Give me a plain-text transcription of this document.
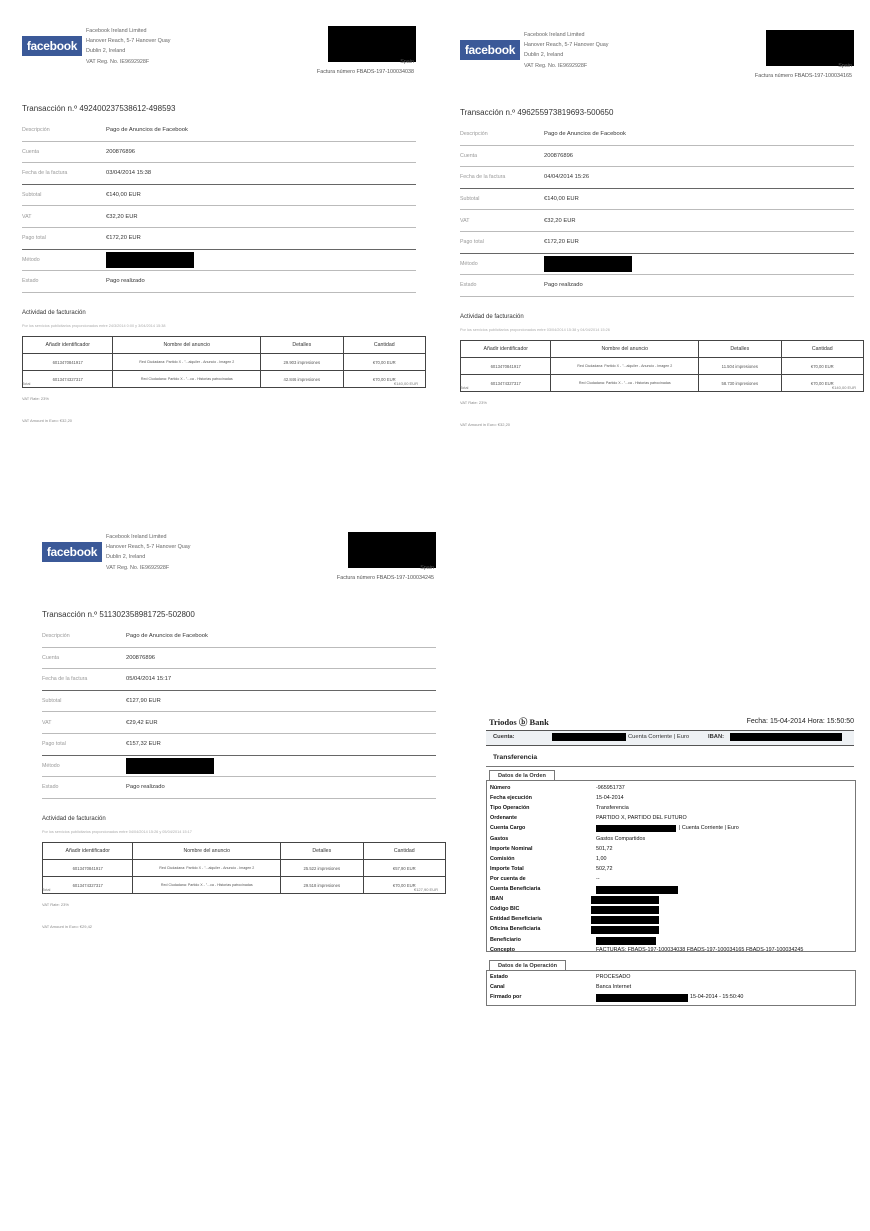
facebook
Facebook Ireland Limited
Hanover Reach, 5-7 Hanover Quay
Dublin 2, Ireland
VAT Reg. No. IE9692928F	Spain
Factura número FBADS-197-100034038
Transacción n.º 492400237538612-498593
Descripción	Pago de Anuncios de Facebook
Cuenta	200876896
Fecha de la factura	03/04/2014 15:38
Subtotal	€140,00 EUR
VAT	€32,20 EUR
Pago total	€172,20 EUR
Método
Estado	Pago realizado
Actividad de facturación
Por los servicios publicitarios proporcionados entre 24/3/2014 0:00 y 3/04/2014 15:38
Añadir identificador	Nombre del anuncio	Detalles	Cantidad
6013470841917	Red Ciudadana: Partido X - "...alquiler - Anuncio - Imagen 2	29.903 impresiones	€70,00 EUR
6013474327317	Red Ciudadana: Partido X - "...ca - Historias patrocinadas	42.846 impresiones	€70,00 EUR
Total	€140,00 EUR
VAT Rate: 23%
VAT Amount in Euro: €32,20
facebook
Facebook Ireland Limited
Hanover Reach, 5-7 Hanover Quay
Dublin 2, Ireland
VAT Reg. No. IE9692928F	Spain
Factura número FBADS-197-100034165
Transacción n.º 496255973819693-500650
Descripción	Pago de Anuncios de Facebook
Cuenta	200876896
Fecha de la factura	04/04/2014 15:26
Subtotal	€140,00 EUR
VAT	€32,20 EUR
Pago total	€172,20 EUR
Método
Estado	Pago realizado
Actividad de facturación
Por los servicios publicitarios proporcionados entre 03/04/2014 15:38 y 04/04/2014 15:26
Añadir identificador	Nombre del anuncio	Detalles	Cantidad
6013470841917	Red Ciudadana: Partido X - "...alquiler - Anuncio - Imagen 2	11.504 impresiones	€70,00 EUR
6013474327317	Red Ciudadana: Partido X - "...ca - Historias patrocinadas	58.730 impresiones	€70,00 EUR
Total	€140,00 EUR
VAT Rate: 23%
VAT Amount in Euro: €32,20
facebook
Facebook Ireland Limited
Hanover Reach, 5-7 Hanover Quay
Dublin 2, Ireland
VAT Reg. No. IE9692928F	Spain
Factura número FBADS-197-100034245
Transacción n.º 511302358981725-502800
Descripción	Pago de Anuncios de Facebook
Cuenta	200876896
Fecha de la factura	05/04/2014 15:17
Subtotal	€127,90 EUR
VAT	€29,42 EUR
Pago total	€157,32 EUR
Método
Estado	Pago realizado
Actividad de facturación
Por los servicios publicitarios proporcionados entre 04/04/2014 15:26 y 05/04/2014 15:17
Añadir identificador	Nombre del anuncio	Detalles	Cantidad
6013470841917	Red Ciudadana: Partido X - "...alquiler - Anuncio - Imagen 2	25.522 impresiones	€57,90 EUR
6013474327317	Red Ciudadana: Partido X - "...ca - Historias patrocinadas	29.518 impresiones	€70,00 EUR
Total	€127,90 EUR
VAT Rate: 23%
VAT Amount in Euro: €29,42
Triodos ⓑ Bank	Fecha: 15-04-2014 Hora: 15:50:50
Cuenta:	Cuenta Corriente | Euro	IBAN:
Transferencia
Datos de la Orden
Número	-965951737
Fecha ejecución	15-04-2014
Tipo Operación	Transferencia
Ordenante	PARTIDO X, PARTIDO DEL FUTURO
Cuenta Cargo	| Cuenta Corriente | Euro
Gastos	Gastos Compartidos
Importe Nominal	501,72
Comisión	1,00
Importe Total	502,72
Por cuenta de	--
Cuenta Beneficiaria
IBAN
Código BIC
Entidad Beneficiaria
Oficina Beneficiaria
Beneficiario
Concepto	FACTURAS: FBADS-197-100034038 FBADS-197-100034165 FBADS-197-100034245
Datos de la Operación
Estado	PROCESADO
Canal	Banca Internet
Firmado por	15-04-2014 - 15:50:40
